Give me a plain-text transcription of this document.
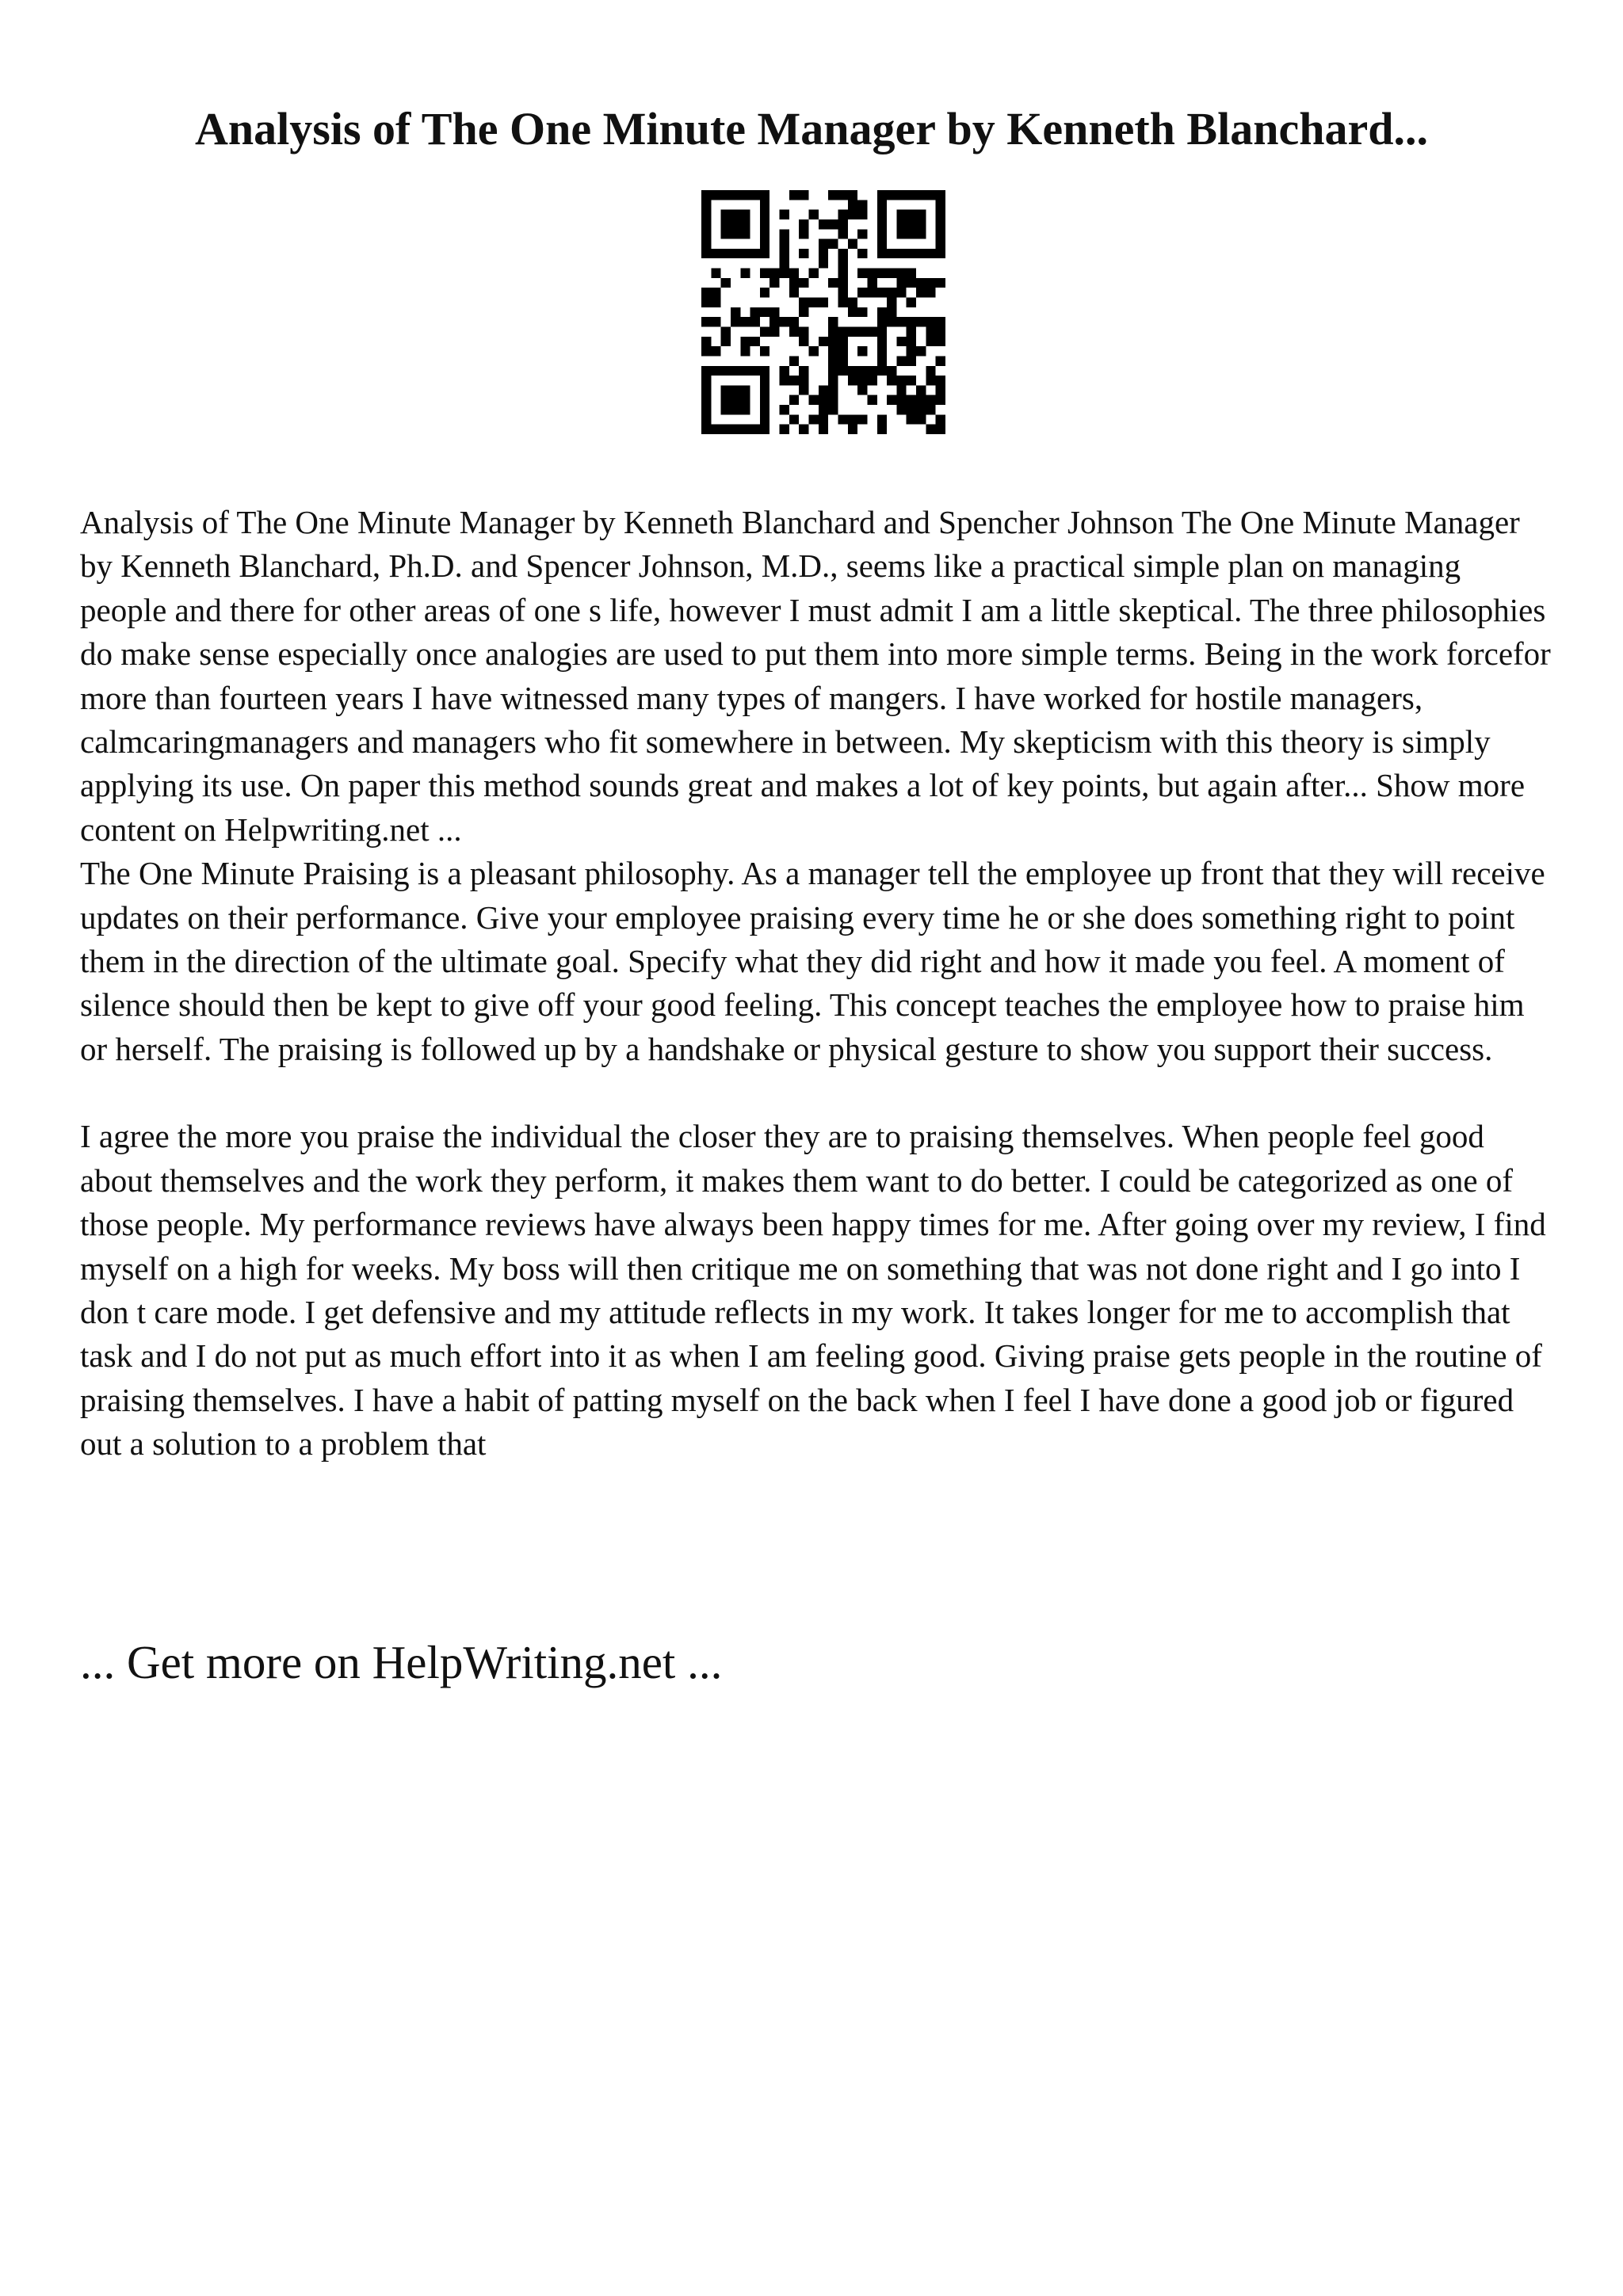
Analysis of The One Minute Manager by Kenneth Blanchard...

Analysis of The One Minute Manager by Kenneth Blanchard and Spencher Johnson The One Minute Manager by Kenneth Blanchard, Ph.D. and Spencer Johnson, M.D., seems like a practical simple plan on managing people and there for other areas of one s life, however I must admit I am a little skeptical. The three philosophies do make sense especially once analogies are used to put them into more simple terms. Being in the work forcefor more than fourteen years I have witnessed many types of mangers. I have worked for hostile managers, calmcaringmanagers and managers who fit somewhere in between. My skepticism with this theory is simply applying its use. On paper this method sounds great and makes a lot of key points, but again after... Show more content on Helpwriting.net ...

The One Minute Praising is a pleasant philosophy. As a manager tell the employee up front that they will receive updates on their performance. Give your employee praising every time he or she does something right to point them in the direction of the ultimate goal. Specify what they did right and how it made you feel. A moment of silence should then be kept to give off your good feeling. This concept teaches the employee how to praise him or herself. The praising is followed up by a handshake or physical gesture to show you support their success.

I agree the more you praise the individual the closer they are to praising themselves. When people feel good about themselves and the work they perform, it makes them want to do better. I could be categorized as one of those people. My performance reviews have always been happy times for me. After going over my review, I find myself on a high for weeks. My boss will then critique me on something that was not done right and I go into I don t care mode. I get defensive and my attitude reflects in my work. It takes longer for me to accomplish that task and I do not put as much effort into it as when I am feeling good. Giving praise gets people in the routine of praising themselves. I have a habit of patting myself on the back when I feel I have done a good job or figured out a solution to a problem that

... Get more on HelpWriting.net ...
